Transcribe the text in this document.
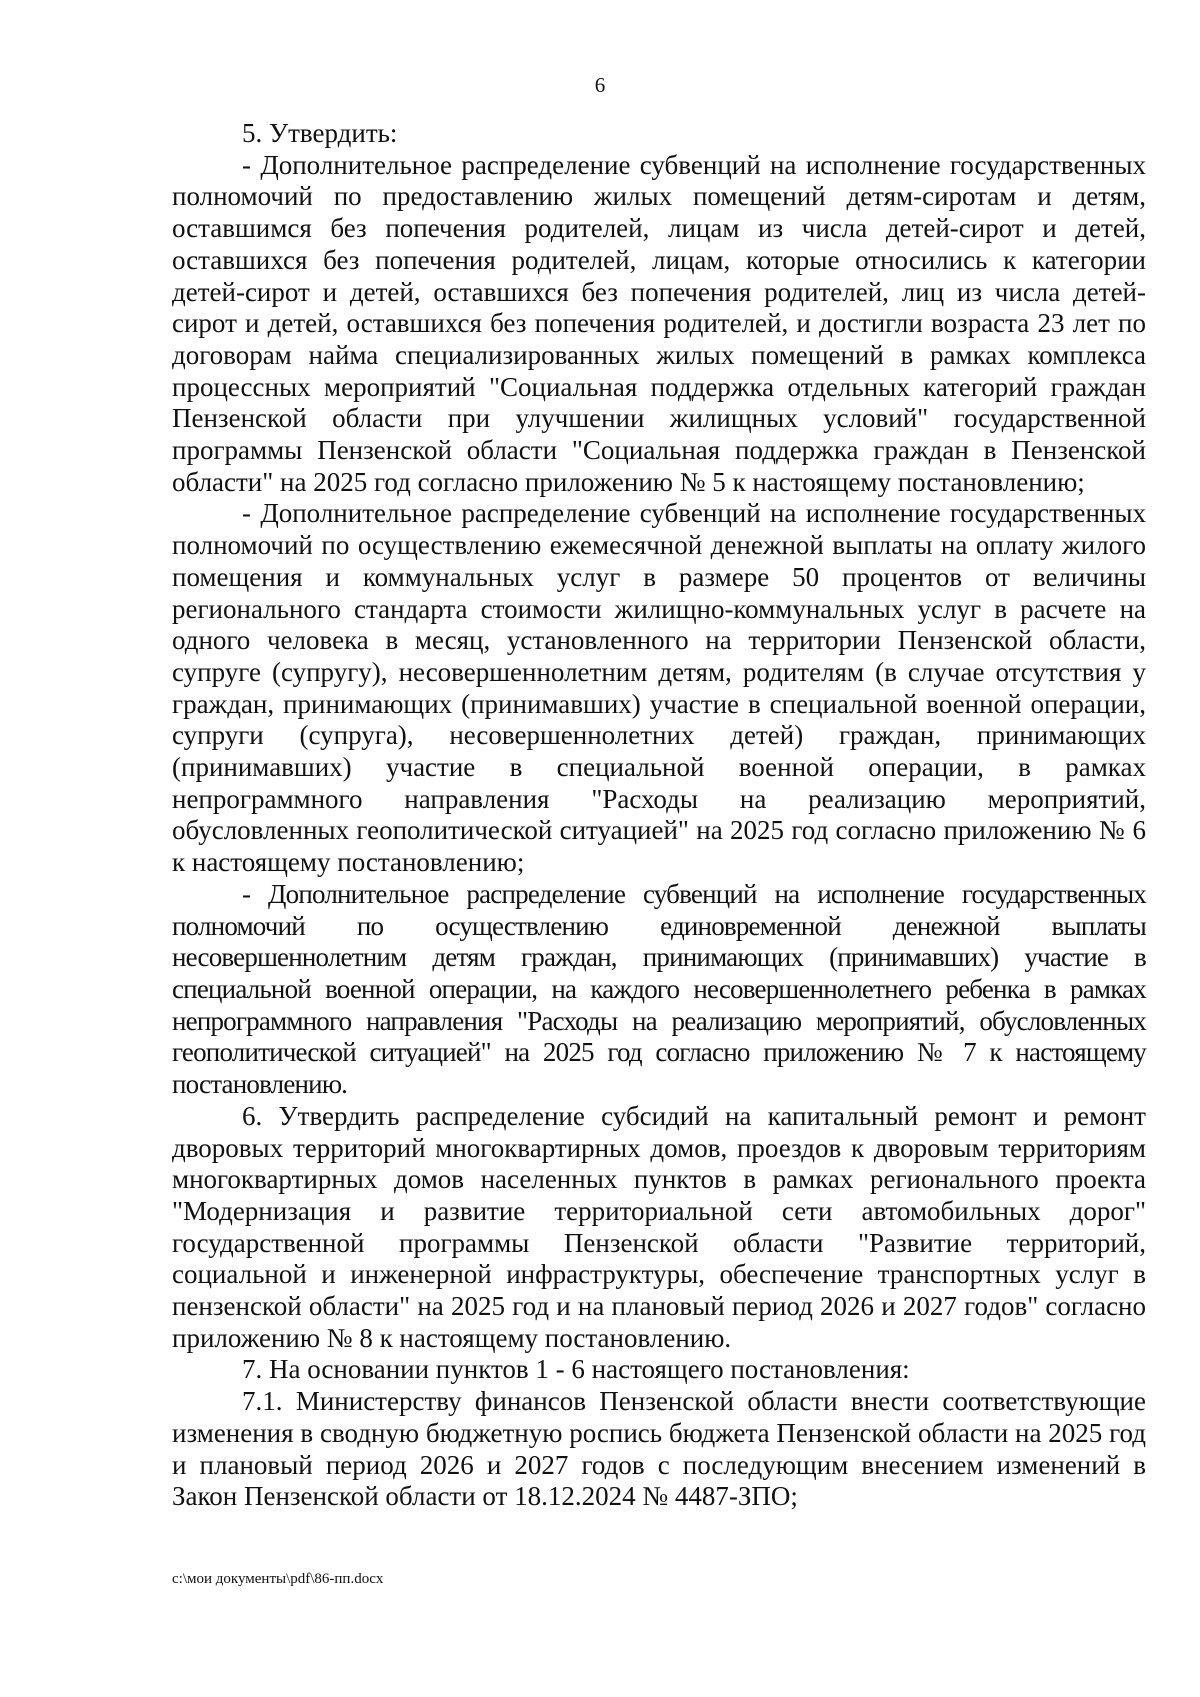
6

5. Утвердить:

- Дополнительное распределение субвенций на исполнение государственных полномочий по предоставлению жилых помещений детям-сиротам и детям, оставшимся без попечения родителей, лицам из числа детей-сирот и детей, оставшихся без попечения родителей, лицам, которые относились к категории детей-сирот и детей, оставшихся без попечения родителей, лиц из числа детей-сирот и детей, оставшихся без попечения родителей, и достигли возраста 23 лет по договорам найма специализированных жилых помещений в рамках комплекса процессных мероприятий "Социальная поддержка отдельных категорий граждан Пензенской области при улучшении жилищных условий" государственной программы Пензенской области "Социальная поддержка граждан в Пензенской области" на 2025 год согласно приложению № 5 к настоящему постановлению;

- Дополнительное распределение субвенций на исполнение государственных полномочий по осуществлению ежемесячной денежной выплаты на оплату жилого помещения и коммунальных услуг в размере 50 процентов от величины регионального стандарта стоимости жилищно-коммунальных услуг в расчете на одного человека в месяц, установленного на территории Пензенской области, супруге (супругу), несовершеннолетним детям, родителям (в случае отсутствия у граждан, принимающих (принимавших) участие в специальной военной операции, супруги (супруга), несовершеннолетних детей) граждан, принимающих (принимавших) участие в специальной военной операции, в рамках непрограммного направления "Расходы на реализацию мероприятий, обусловленных геополитической ситуацией" на 2025 год согласно приложению № 6 к настоящему постановлению;

- Дополнительное распределение субвенций на исполнение государственных полномочий по осуществлению единовременной денежной выплаты несовершеннолетним детям граждан, принимающих (принимавших) участие в специальной военной операции, на каждого несовершеннолетнего ребенка в рамках непрограммного направления "Расходы на реализацию мероприятий, обусловленных геополитической ситуацией" на 2025 год согласно приложению № 7 к настоящему постановлению.

6. Утвердить распределение субсидий на капитальный ремонт и ремонт дворовых территорий многоквартирных домов, проездов к дворовым территориям многоквартирных домов населенных пунктов в рамках регионального проекта "Модернизация и развитие территориальной сети автомобильных дорог" государственной программы Пензенской области "Развитие территорий, социальной и инженерной инфраструктуры, обеспечение транспортных услуг в пензенской области" на 2025 год и на плановый период 2026 и 2027 годов" согласно приложению № 8 к настоящему постановлению.

7. На основании пунктов 1 - 6 настоящего постановления:

7.1. Министерству финансов Пензенской области внести соответствующие изменения в сводную бюджетную роспись бюджета Пензенской области на 2025 год и плановый период 2026 и 2027 годов с последующим внесением изменений в Закон Пензенской области от 18.12.2024 № 4487-ЗПО;

c:\мои документы\pdf\86-пп.docx
